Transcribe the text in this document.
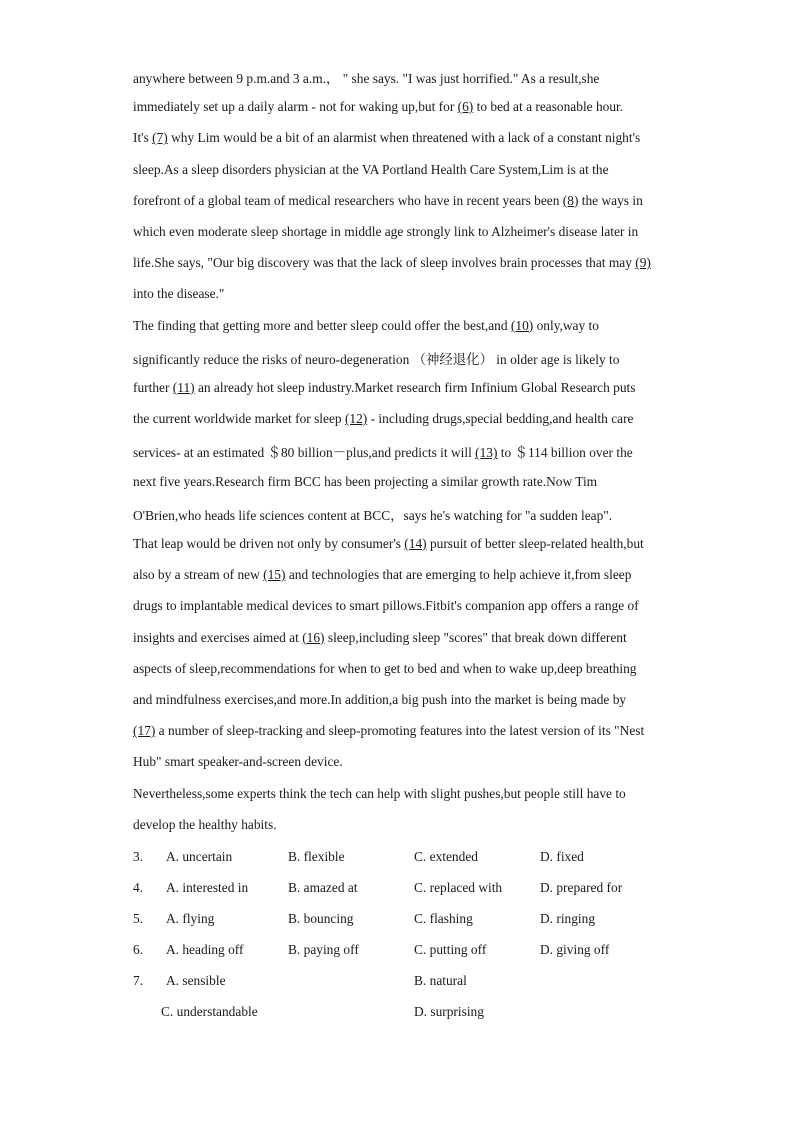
anywhere between 9 p.m.and 3 a.m.， " she says. "I was just horrified." As a result,she
immediately set up a daily alarm - not for waking up,but for (6) to bed at a reasonable hour.
It's (7) why Lim would be a bit of an alarmist when threatened with a lack of a constant night's
sleep.As a sleep disorders physician at the VA Portland Health Care System,Lim is at the
forefront of a global team of medical researchers who have in recent years been (8) the ways in
which even moderate sleep shortage in middle age strongly link to Alzheimer's disease later in
life.She says, "Our big discovery was that the lack of sleep involves brain processes that may (9)
into the disease."
The finding that getting more and better sleep could offer the best,and (10) only,way to
significantly reduce the risks of neuro-degeneration （神经退化） in older age is likely to
further (11) an already hot sleep industry.Market research firm Infinium Global Research puts
the current worldwide market for sleep (12) - including drugs,special bedding,and health care
services- at an estimated ＄80 billion－plus,and predicts it will (13) to ＄114 billion over the
next five years.Research firm BCC has been projecting a similar growth rate.Now Tim
O'Brien,who heads life sciences content at BCC，says he's watching for "a sudden leap".
That leap would be driven not only by consumer's (14) pursuit of better sleep-related health,but
also by a stream of new (15) and technologies that are emerging to help achieve it,from sleep
drugs to implantable medical devices to smart pillows.Fitbit's companion app offers a range of
insights and exercises aimed at (16) sleep,including sleep "scores" that break down different
aspects of sleep,recommendations for when to get to bed and when to wake up,deep breathing
and mindfulness exercises,and more.In addition,a big push into the market is being made by
(17) a number of sleep-tracking and sleep-promoting features into the latest version of its "Nest
Hub" smart speaker-and-screen device.
Nevertheless,some experts think the tech can help with slight pushes,but people still have to
develop the healthy habits.
3. A. uncertain	B. flexible	C. extended	D. fixed
4. A. interested in	B. amazed at	C. replaced with	D. prepared for
5. A. flying	B. bouncing	C. flashing	D. ringing
6. A. heading off	B. paying off	C. putting off	D. giving off
7. A. sensible	B. natural
C. understandable	D. surprising
